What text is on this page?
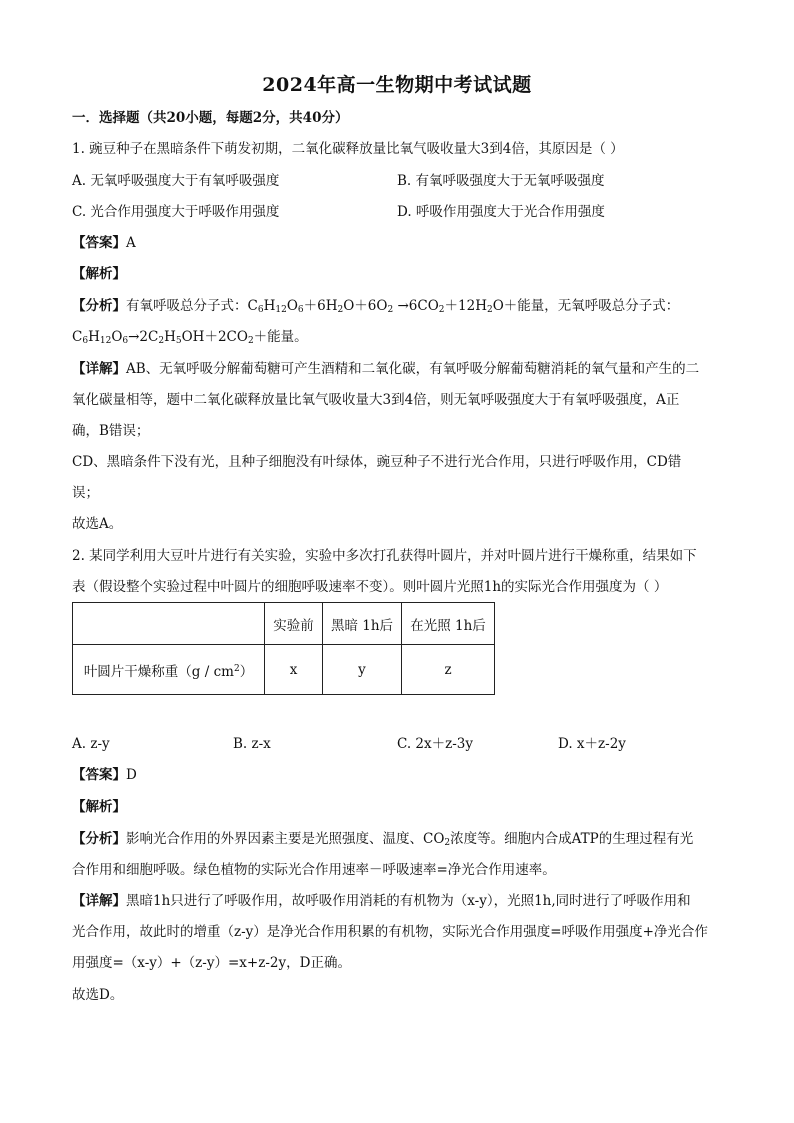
2024年高一生物期中考试试题
一．选择题（共20小题，每题2分，共40分）
1. 豌豆种子在黑暗条件下萌发初期，二氧化碳释放量比氧气吸收量大3到4倍，其原因是（ ）
A. 无氧呼吸强度大于有氧呼吸强度	B. 有氧呼吸强度大于无氧呼吸强度
C. 光合作用强度大于呼吸作用强度	D. 呼吸作用强度大于光合作用强度
【答案】A
【解析】
【分析】有氧呼吸总分子式：$C_6H_{12}O_6+6H_2O+6O_2 \to 6CO_2+12H_2O+$能量，无氧呼吸总分子式：
$C_6H_{12}O_6\to 2C_2H_5OH+2CO_2+$能量。
【详解】AB、无氧呼吸分解葡萄糖可产生酒精和二氧化碳，有氧呼吸分解葡萄糖消耗的氧气量和产生的二
氧化碳量相等，题中二氧化碳释放量比氧气吸收量大3到4倍，则无氧呼吸强度大于有氧呼吸强度，A正
确，B错误；
CD、黑暗条件下没有光，且种子细胞没有叶绿体，豌豆种子不进行光合作用，只进行呼吸作用，CD错
误；
故选A。
2. 某同学利用大豆叶片进行有关实验，实验中多次打孔获得叶圆片，并对叶圆片进行干燥称重，结果如下
表（假设整个实验过程中叶圆片的细胞呼吸速率不变）。则叶圆片光照1h的实际光合作用强度为（ ）
	实验前	黑暗 1h后	在光照 1h后
叶圆片干燥称重$(g / cm^2)$	x	y	z
A. z-y	B. z-x	C. 2x＋z-3y	D. x＋z-2y
【答案】D
【解析】
【分析】影响光合作用的外界因素主要是光照强度、温度、$CO_2$浓度等。细胞内合成ATP的生理过程有光
合作用和细胞呼吸。绿色植物的实际光合作用速率－呼吸速率=净光合作用速率。
【详解】黑暗1h只进行了呼吸作用，故呼吸作用消耗的有机物为（x-y），光照1h,同时进行了呼吸作用和
光合作用，故此时的增重（z-y）是净光合作用积累的有机物，实际光合作用强度=呼吸作用强度+净光合作
用强度=（x-y）+（z-y）=x+z-2y，D正确。
故选D。
